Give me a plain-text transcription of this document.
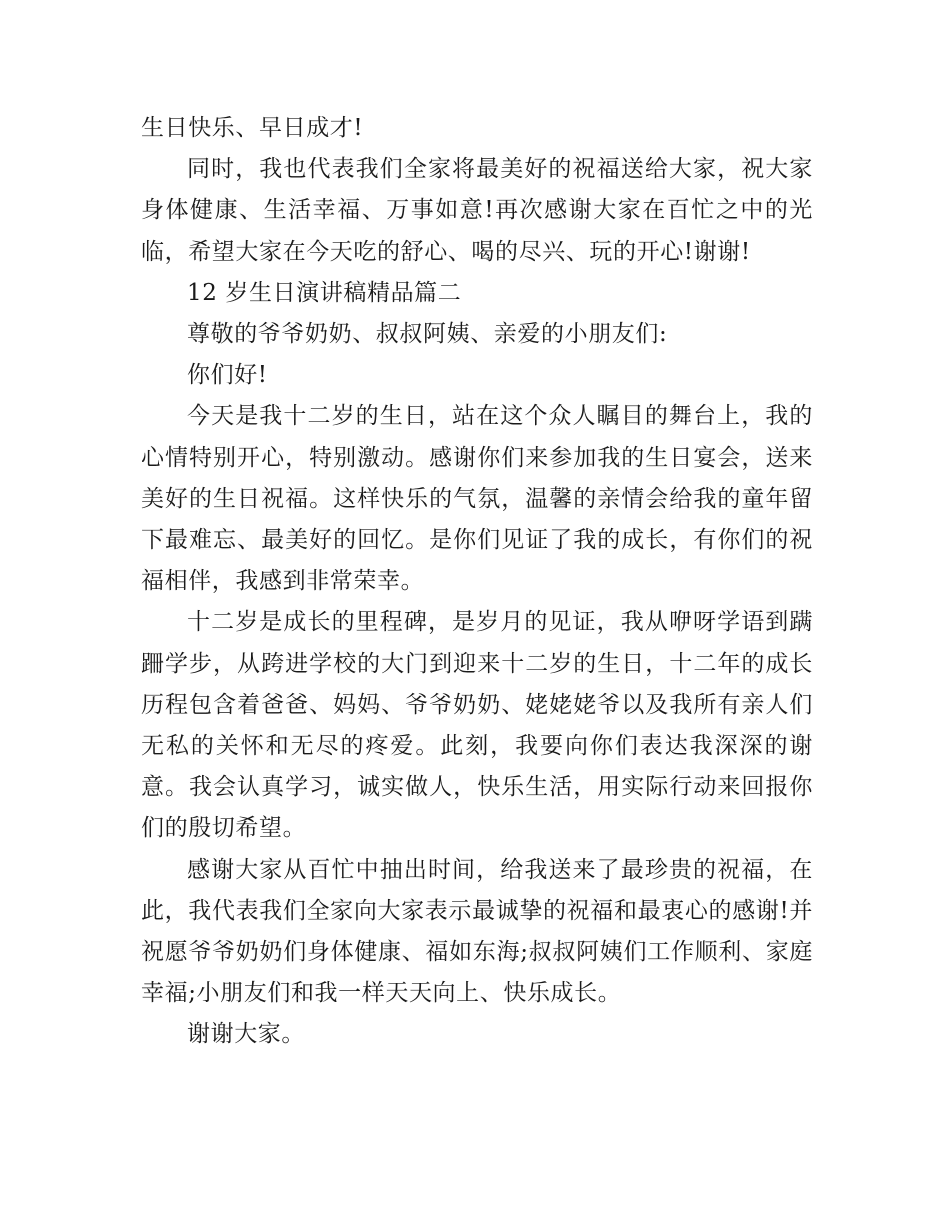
生日快乐、早日成才!

同时，我也代表我们全家将最美好的祝福送给大家，祝大家身体健康、生活幸福、万事如意!再次感谢大家在百忙之中的光临，希望大家在今天吃的舒心、喝的尽兴、玩的开心!谢谢!

12 岁生日演讲稿精品篇二

尊敬的爷爷奶奶、叔叔阿姨、亲爱的小朋友们:

你们好!

今天是我十二岁的生日，站在这个众人瞩目的舞台上，我的心情特别开心，特别激动。感谢你们来参加我的生日宴会，送来美好的生日祝福。这样快乐的气氛，温馨的亲情会给我的童年留下最难忘、最美好的回忆。是你们见证了我的成长，有你们的祝福相伴，我感到非常荣幸。

十二岁是成长的里程碑，是岁月的见证，我从咿呀学语到蹒跚学步，从跨进学校的大门到迎来十二岁的生日，十二年的成长历程包含着爸爸、妈妈、爷爷奶奶、姥姥姥爷以及我所有亲人们无私的关怀和无尽的疼爱。此刻，我要向你们表达我深深的谢意。我会认真学习，诚实做人，快乐生活，用实际行动来回报你们的殷切希望。

感谢大家从百忙中抽出时间，给我送来了最珍贵的祝福，在此，我代表我们全家向大家表示最诚挚的祝福和最衷心的感谢!并祝愿爷爷奶奶们身体健康、福如东海;叔叔阿姨们工作顺利、家庭幸福;小朋友们和我一样天天向上、快乐成长。

谢谢大家。
